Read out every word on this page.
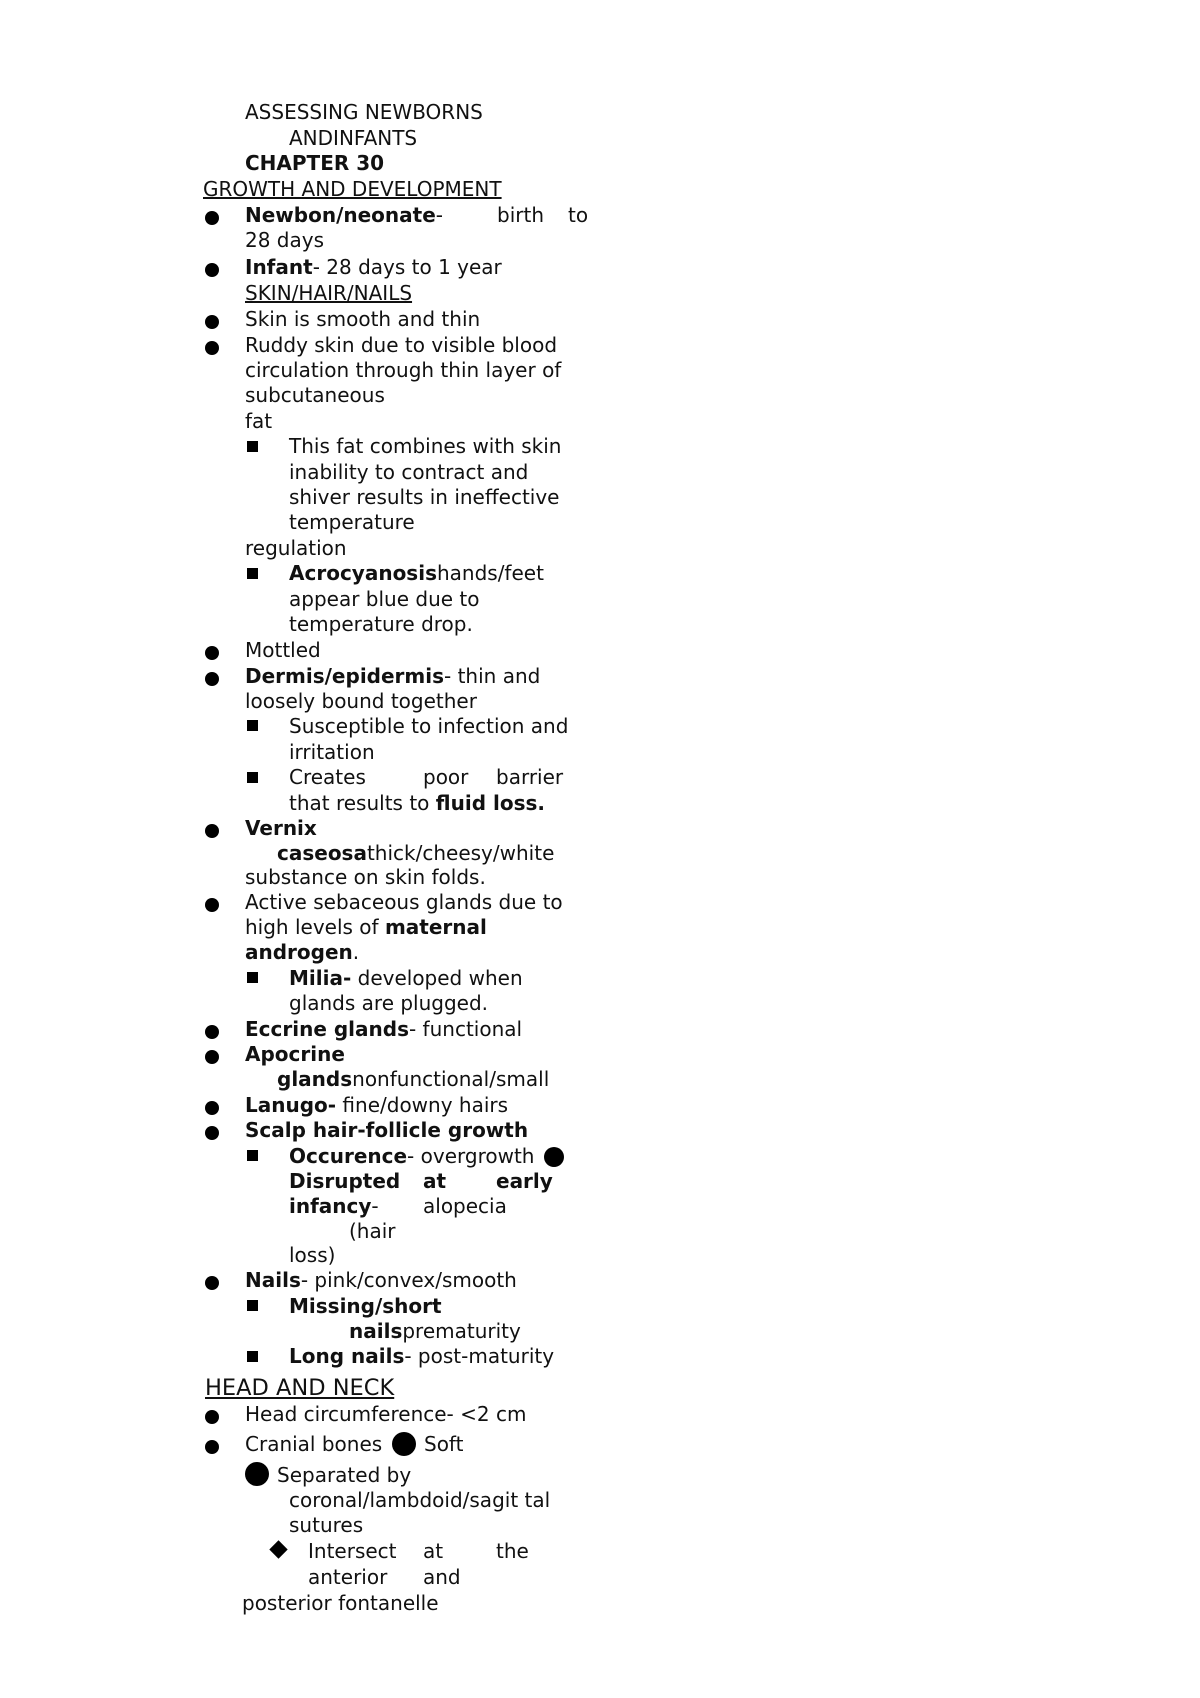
ASSESSING NEWBORNS
ANDINFANTS
CHAPTER 30
GROWTH AND DEVELOPMENT
Newbon/neonate-	birth to
28 days
Infant- 28 days to 1 year
SKIN/HAIR/NAILS
Skin is smooth and thin
Ruddy skin due to visible blood
circulation through thin layer of
subcutaneous
fat
This fat combines with skin
inability to contract and
shiver results in ineffective
temperature
regulation
Acrocyanosishands/feet
appear blue due to
temperature drop.
Mottled
Dermis/epidermis- thin and
loosely bound together
Susceptible to infection and
irritation
Creates	poor barrier
that results to fluid loss.
Vernix
caseosathick/cheesy/white
substance on skin folds.
Active sebaceous glands due to
high levels of maternal
androgen.
Milia- developed when
glands are plugged.
Eccrine glands- functional
Apocrine
glandsnonfunctional/small
Lanugo- fine/downy hairs
Scalp hair-follicle growth
Occurence- overgrowth
Disrupted at early
infancy- alopecia
(hair
loss)
Nails- pink/convex/smooth
Missing/short
nailsprematurity
Long nails- post-maturity
HEAD AND NECK
Head circumference- <2 cm
Cranial bones Soft
Separated by
coronal/lambdoid/sagit tal
sutures
Intersect at	the
anterior and
posterior fontanelle
